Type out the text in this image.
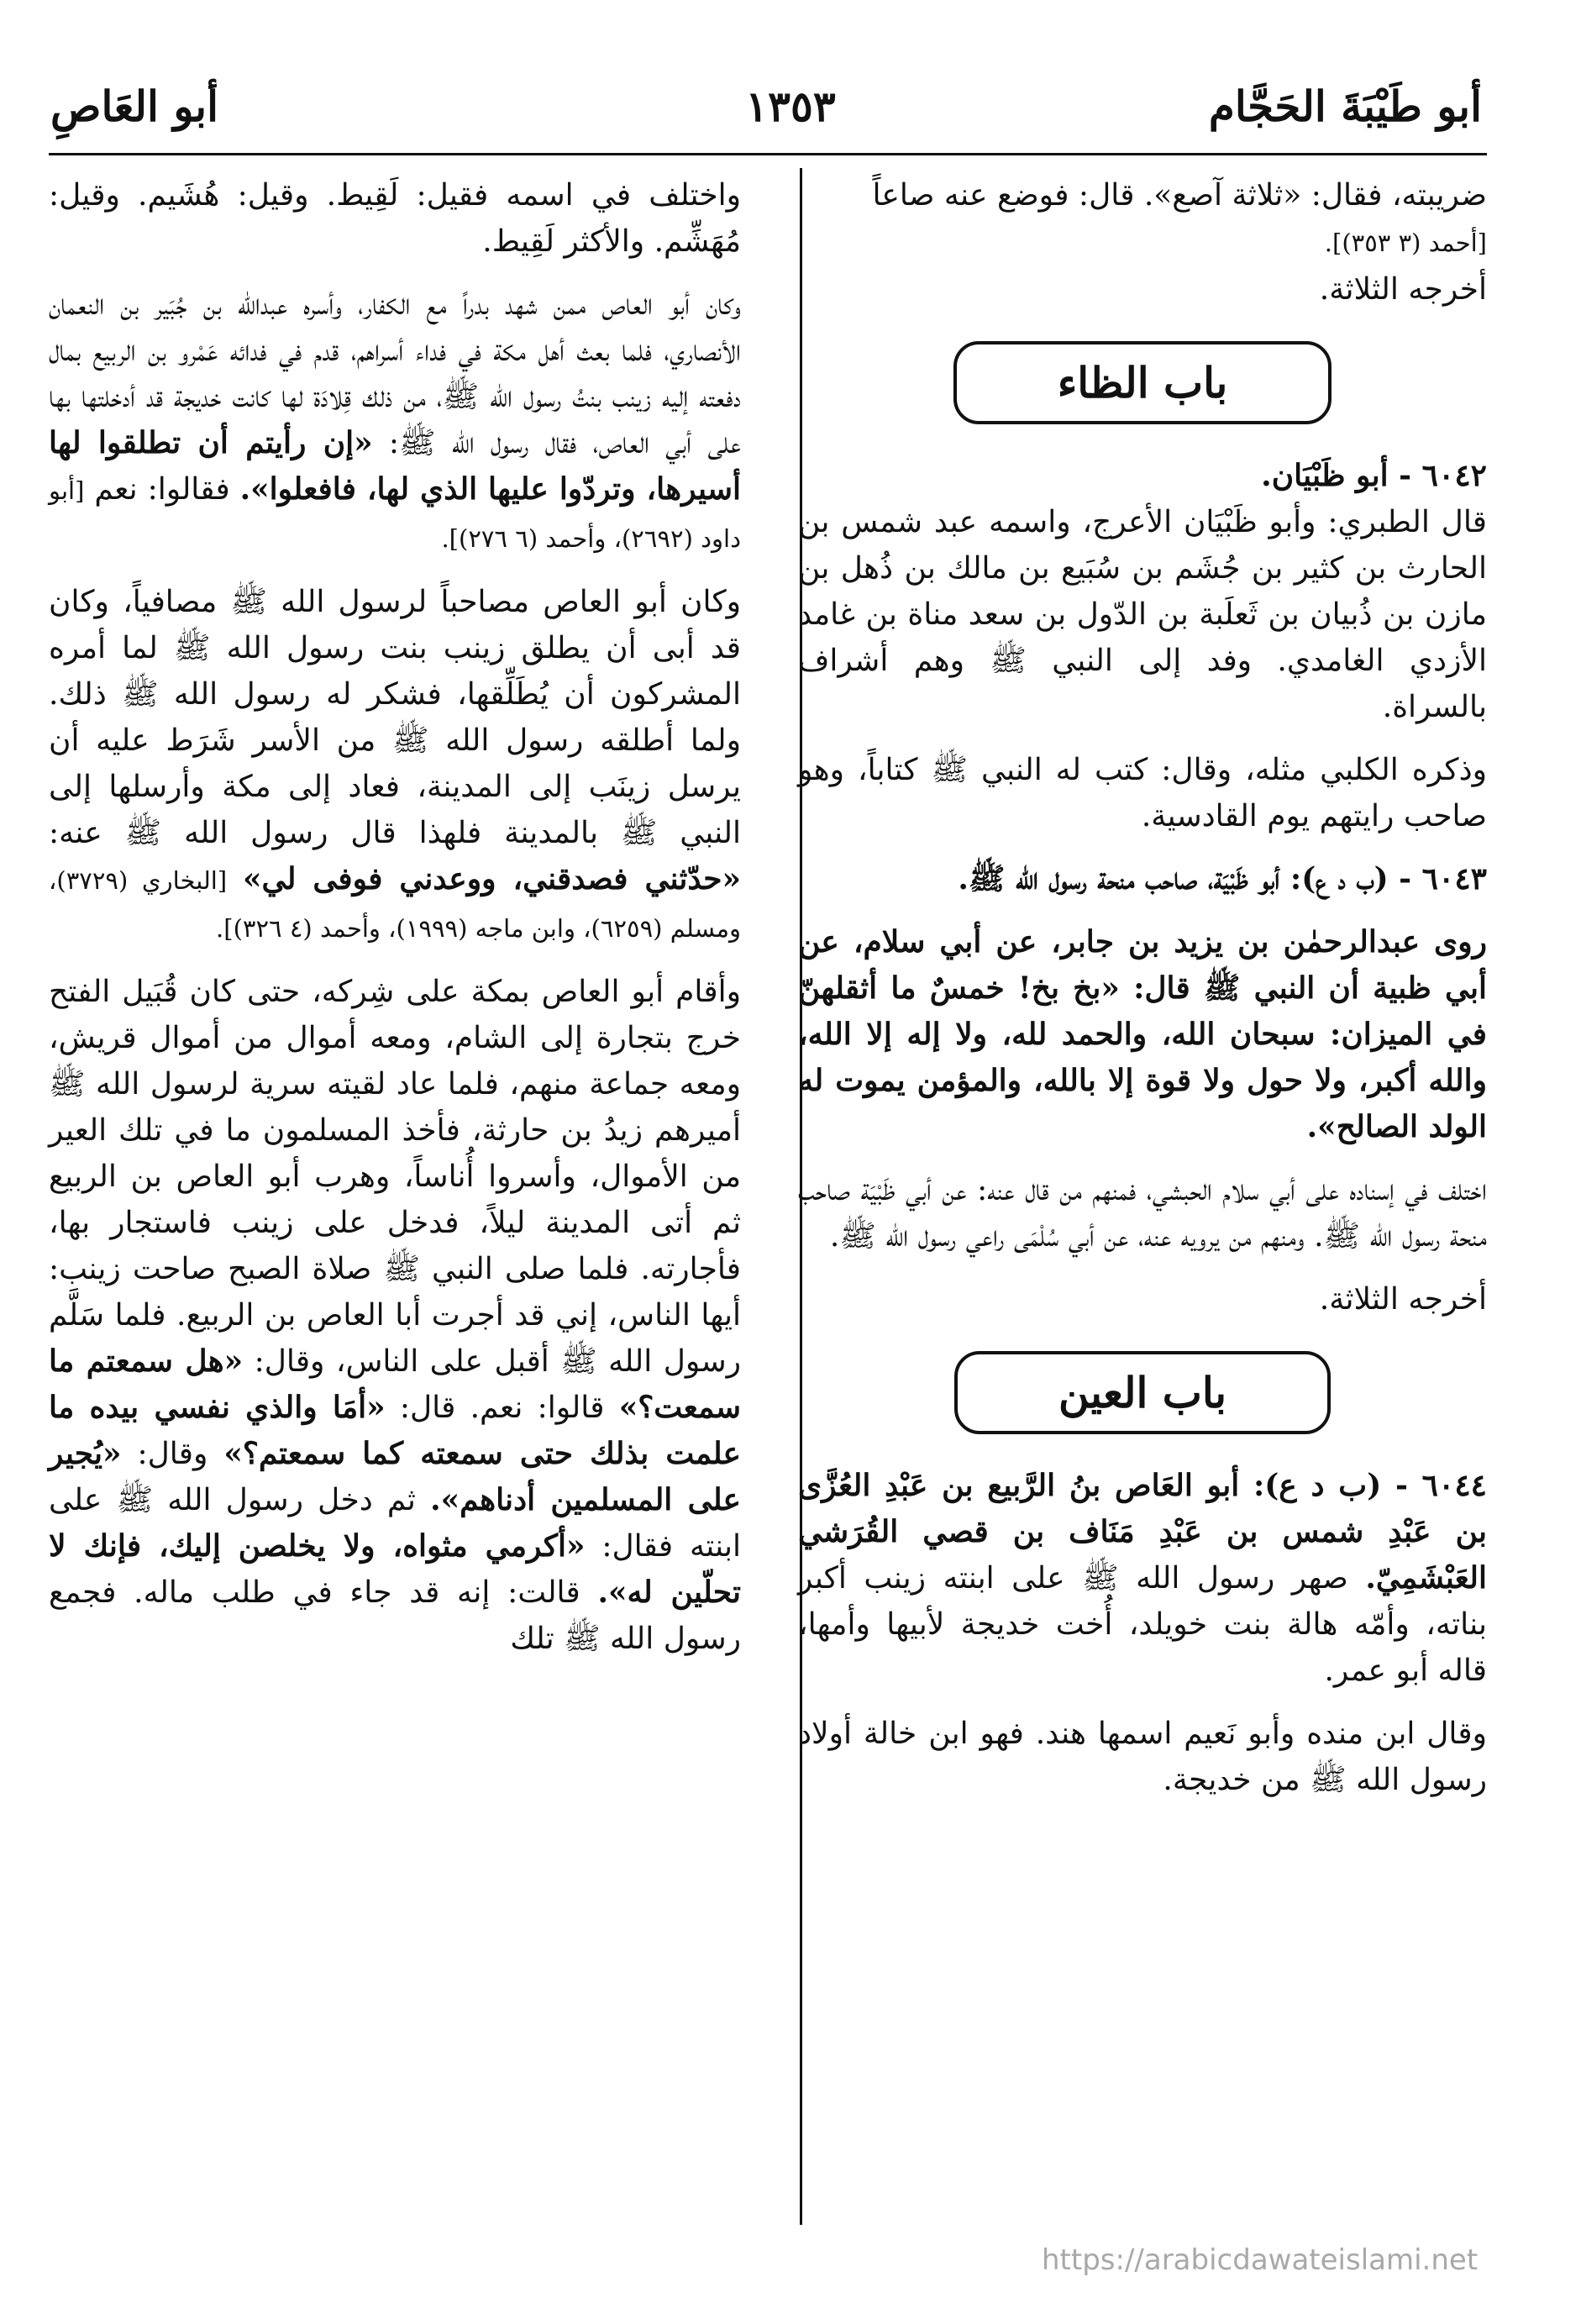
أبو طَيْبَةَ الحَجَّام
١٣٥٣
أبو العَاصِ

ضريبته، فقال: «ثلاثة آصع». قال: فوضع عنه صاعاً
[أحمد (٣ ٣٥٣)].
أخرجه الثلاثة.

باب الظاء

٦٠٤٢ - أبو ظَبْيَان.
قال الطبري: وأبو ظَبْيَان الأعرج، واسمه عبد شمس بن الحارث بن كثير بن جُشَم بن سُبَيع بن مالك بن ذُهل بن مازن بن ذُبيان بن ثَعلَبة بن الدّول بن سعد مناة بن غامد الأزدي الغامدي. وفد إلى النبي ﷺ وهم أشراف بالسراة.

وذكره الكلبي مثله، وقال: كتب له النبي ﷺ كتاباً، وهو صاحب رايتهم يوم القادسية.

٦٠٤٣ - (ب د ع): أبو ظَبْيَة، صاحب منحة رسول الله ﷺ.

روى عبدالرحمٰن بن يزيد بن جابر، عن أبي سلام، عن أبي ظبية أن النبي ﷺ قال: «بخ بخ! خمسٌ ما أثقلهنّ في الميزان: سبحان الله، والحمد لله، ولا إله إلا الله، والله أكبر، ولا حول ولا قوة إلا بالله، والمؤمن يموت له الولد الصالح».

اختلف في إسناده على أبي سلام الحبشي، فمنهم من قال عنه: عن أبي ظَبْيَة صاحب منحة رسول الله ﷺ. ومنهم من يرويه عنه، عن أبي سُلْمَى راعي رسول الله ﷺ.

أخرجه الثلاثة.

باب العين

٦٠٤٤ - (ب د ع): أبو العَاص بنُ الرَّبيع بن عَبْدِ العُزَّى بن عَبْدِ شمس بن عَبْدِ مَنَاف بن قصي القُرَشي العَبْشَمِيّ. صهر رسول الله ﷺ على ابنته زينب أكبر بناته، وأمّه هالة بنت خويلد، أُخت خديجة لأبيها وأمها، قاله أبو عمر.

وقال ابن منده وأبو نَعيم اسمها هند. فهو ابن خالة أولاد رسول الله ﷺ من خديجة.

واختلف في اسمه فقيل: لَقِيط. وقيل: هُشَيم. وقيل: مُهَشِّم. والأكثر لَقِيط.

وكان أبو العاص ممن شهد بدراً مع الكفار، وأسره عبدالله بن جُبَير بن النعمان الأنصاري، فلما بعث أهل مكة في فداء أسراهم، قدم في فدائه عَمْرو بن الربيع بمال دفعته إليه زينب بنتُ رسول الله ﷺ، من ذلك قِلادَة لها كانت خديجة قد أدخلتها بها على أبي العاص، فقال رسول الله ﷺ: «إن رأيتم أن تطلقوا لها أسيرها، وتردّوا عليها الذي لها، فافعلوا». فقالوا: نعم [أبو داود (٢٦٩٢)، وأحمد (٦ ٢٧٦)].

وكان أبو العاص مصاحباً لرسول الله ﷺ مصافياً، وكان قد أبى أن يطلق زينب بنت رسول الله ﷺ لما أمره المشركون أن يُطَلِّقها، فشكر له رسول الله ﷺ ذلك. ولما أطلقه رسول الله ﷺ من الأسر شَرَط عليه أن يرسل زينَب إلى المدينة، فعاد إلى مكة وأرسلها إلى النبي ﷺ بالمدينة فلهذا قال رسول الله ﷺ عنه: «حدّثني فصدقني، ووعدني فوفى لي» [البخاري (٣٧٢٩)، ومسلم (٦٢٥٩)، وابن ماجه (١٩٩٩)، وأحمد (٤ ٣٢٦)].

وأقام أبو العاص بمكة على شِركه، حتى كان قُبَيل الفتح خرج بتجارة إلى الشام، ومعه أموال من أموال قريش، ومعه جماعة منهم، فلما عاد لقيته سرية لرسول الله ﷺ أميرهم زيدُ بن حارثة، فأخذ المسلمون ما في تلك العير من الأموال، وأسروا أُناساً، وهرب أبو العاص بن الربيع ثم أتى المدينة ليلاً، فدخل على زينب فاستجار بها، فأجارته. فلما صلى النبي ﷺ صلاة الصبح صاحت زينب: أيها الناس، إني قد أجرت أبا العاص بن الربيع. فلما سَلَّم رسول الله ﷺ أقبل على الناس، وقال: «هل سمعتم ما سمعت؟» قالوا: نعم. قال: «أمَا والذي نفسي بيده ما علمت بذلك حتى سمعته كما سمعتم؟» وقال: «يُجير على المسلمين أدناهم». ثم دخل رسول الله ﷺ على ابنته فقال: «أكرمي مثواه، ولا يخلصن إليك، فإنك لا تحلّين له». قالت: إنه قد جاء في طلب ماله. فجمع رسول الله ﷺ تلك

https://arabicdawateislami.net
